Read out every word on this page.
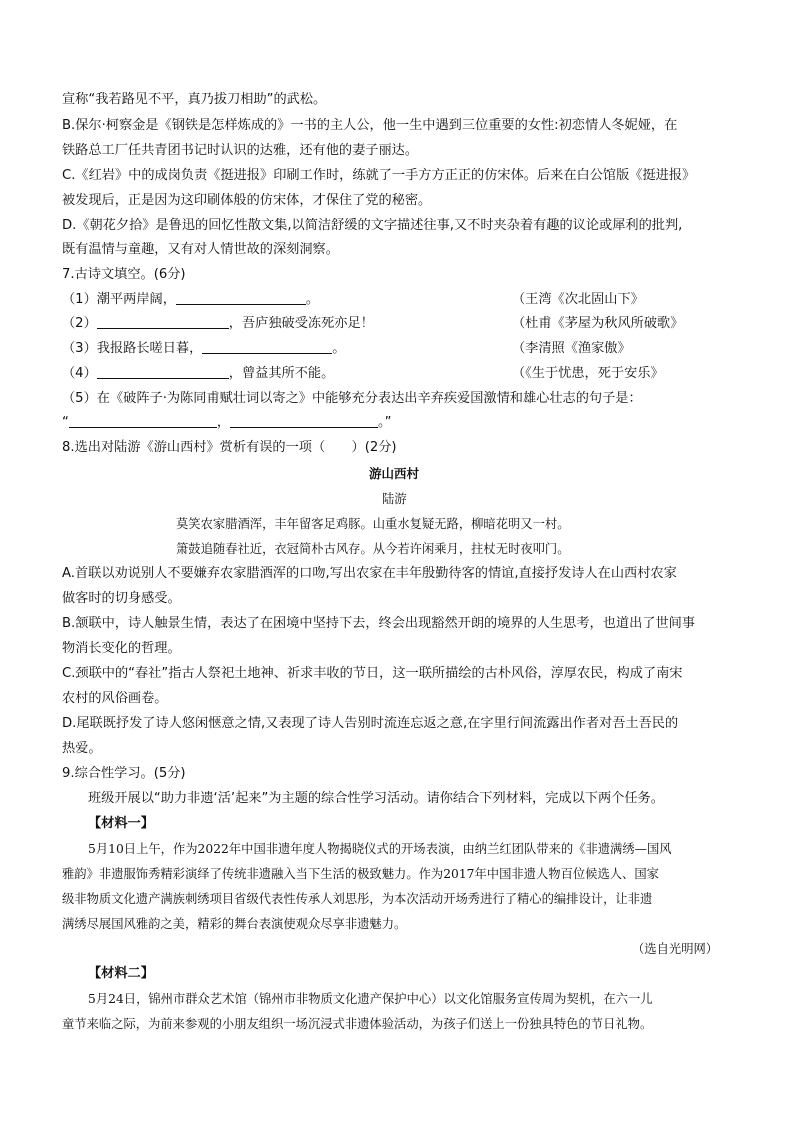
宣称“我若路见不平，真乃拔刀相助”的武松。
B.保尔·柯察金是《钢铁是怎样炼成的》一书的主人公，他一生中遇到三位重要的女性:初恋情人冬妮娅，在
铁路总工厂任共青团书记时认识的达雅，还有他的妻子丽达。
C.《红岩》中的成岗负责《挺进报》印刷工作时，练就了一手方方正正的仿宋体。后来在白公馆版《挺进报》
被发现后，正是因为这印刷体般的仿宋体，才保住了党的秘密。
D.《朝花夕拾》是鲁迅的回忆性散文集,以简洁舒缓的文字描述往事,又不时夹杂着有趣的议论或犀利的批判,
既有温情与童趣，又有对人情世故的深刻洞察。
7.古诗文填空。(6分)
（1）潮平两岸阔，	。	（王湾《次北固山下》
（2）	，吾庐独破受冻死亦足！	（杜甫《茅屋为秋风所破歌》
（3）我报路长嗟日暮，	。	（李清照《渔家傲》
（4）	，曾益其所不能。	（《生于忧患，死于安乐》
（5）在《破阵子·为陈同甫赋壮词以寄之》中能够充分表达出辛弃疾爱国激情和雄心壮志的句子是：
“	，	。”
8.选出对陆游《游山西村》赏析有误的一项（　　）(2分)
游山西村
陆游
莫笑农家腊酒浑，丰年留客足鸡豚。山重水复疑无路，柳暗花明又一村。
箫鼓追随春社近，衣冠简朴古风存。从今若许闲乘月，拄杖无时夜叩门。
A.首联以劝说别人不要嫌弃农家腊酒浑的口吻,写出农家在丰年殷勤待客的情谊,直接抒发诗人在山西村农家
做客时的切身感受。
B.颔联中，诗人触景生情，表达了在困境中坚持下去，终会出现豁然开朗的境界的人生思考，也道出了世间事
物消长变化的哲理。
C.颈联中的“春社”指古人祭祀土地神、祈求丰收的节日，这一联所描绘的古朴风俗，淳厚农民，构成了南宋
农村的风俗画卷。
D.尾联既抒发了诗人悠闲惬意之情,又表现了诗人告别时流连忘返之意,在字里行间流露出作者对吾土吾民的
热爱。
9.综合性学习。(5分)
班级开展以“助力非遗‘活’起来”为主题的综合性学习活动。请你结合下列材料，完成以下两个任务。
【材料一】
5月10日上午，作为2022年中国非遗年度人物揭晓仪式的开场表演，由纳兰红团队带来的《非遗满绣—国风
雅韵》非遗服饰秀精彩演绎了传统非遗融入当下生活的极致魅力。作为2017年中国非遗人物百位候选人、国家
级非物质文化遗产满族刺绣项目省级代表性传承人刘思彤，为本次活动开场秀进行了精心的编排设计，让非遗
满绣尽展国风雅韵之美，精彩的舞台表演使观众尽享非遗魅力。
（选自光明网）
【材料二】
5月24日，锦州市群众艺术馆（锦州市非物质文化遗产保护中心）以文化馆服务宣传周为契机，在六一儿
童节来临之际，为前来参观的小朋友组织一场沉浸式非遗体验活动，为孩子们送上一份独具特色的节日礼物。
